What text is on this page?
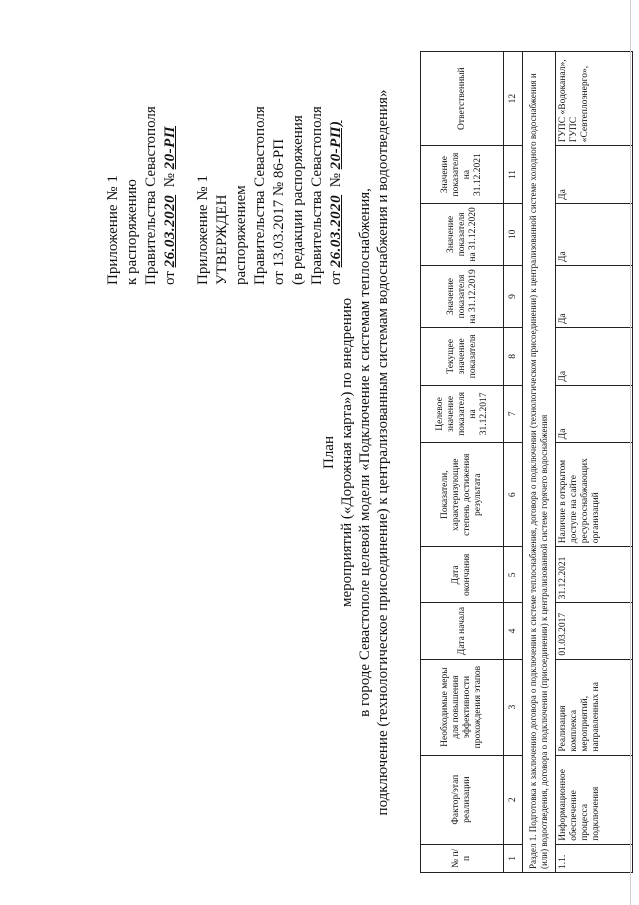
Приложение № 1 к распоряжению Правительства Севастополя от 26.03.2020  № 20-РП
Приложение № 1 УТВЕРЖДЕН распоряжением Правительства Севастополя от 13.03.2017 № 86-РП (в редакции распоряжения Правительства Севастополя от 26.03.2020  № 20-РП)
План мероприятий («Дорожная карта») по внедрению в городе Севастополе целевой модели «Подключение к системам теплоснабжения, подключение (технологическое присоединение) к централизованным системам водоснабжения и водоотведения»
№ п/п	Фактор/этап реализации	Необходимые меры для повышения эффективности прохождения этапов	Дата начала	Дата окончания	Показатели, характеризующие степень достижения результата	Целевое значение показателя на 31.12.2017	Текущее значение показателя	Значение показателя на 31.12.2019	Значение показателя на 31.12.2020	Значение показателя на 31.12.2021	Ответственный
1	2	3	4	5	6	7	8	9	10	11	12
Раздел 1. Подготовка к заключению договора о подключении к системе теплоснабжения, договора о подключении (технологическом присоединении) к централизованной системе холодного водоснабжения и (или) водоотведения, договора о подключении (присоединении) к централизованной системе горячего водоснабжения											
1.1.	Информационное обеспечение процесса подключения	Реализация комплекса мероприятий, направленных на	01.03.2017	31.12.2021	Наличие в открытом доступе на сайте ресурсоснабжающих организаций	Да	Да	Да	Да	Да	ГУПС «Водоканал», ГУПС «Севтеплоэнерго»,
